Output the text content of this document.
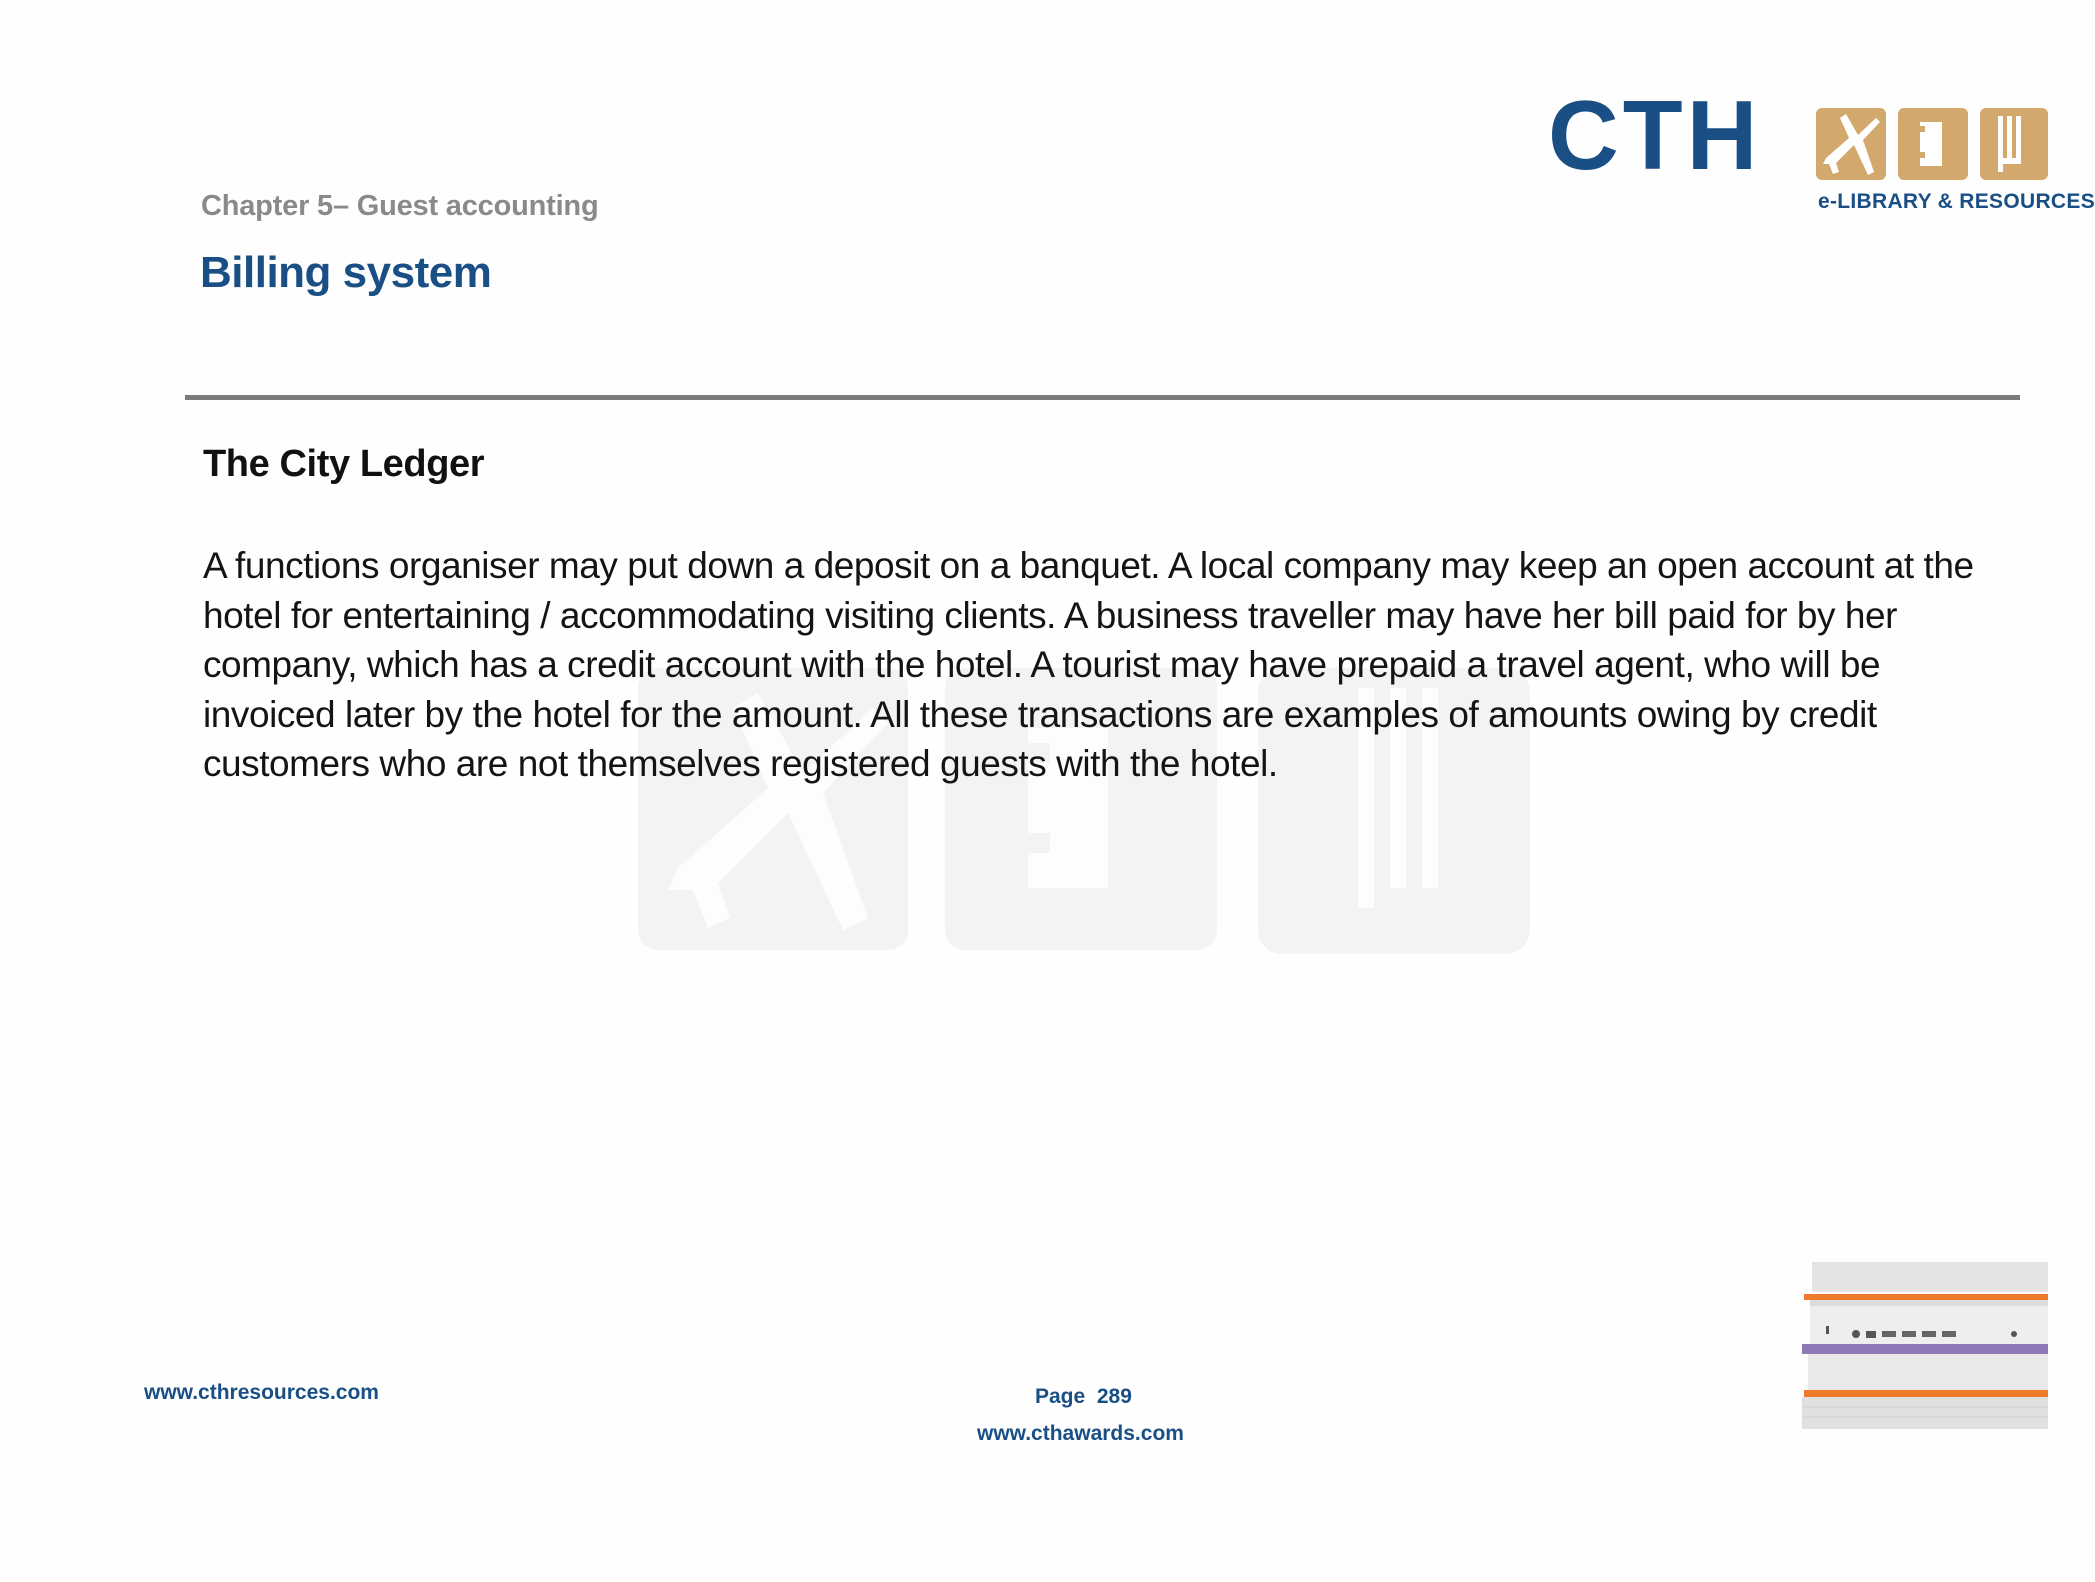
Chapter 5– Guest accounting
Billing system
CTH
e-LIBRARY & RESOURCES
The City Ledger
A functions organiser may put down a deposit on a banquet. A local company may keep an open account at the hotel for entertaining / accommodating visiting clients. A business traveller may have her bill paid for by her company, which has a credit account with the hotel. A tourist may have prepaid a travel agent, who will be invoiced later by the hotel for the amount. All these transactions are examples of amounts owing by credit customers who are not themselves registered guests with the hotel.
www.cthresources.com	Page  289
www.cthawards.com
